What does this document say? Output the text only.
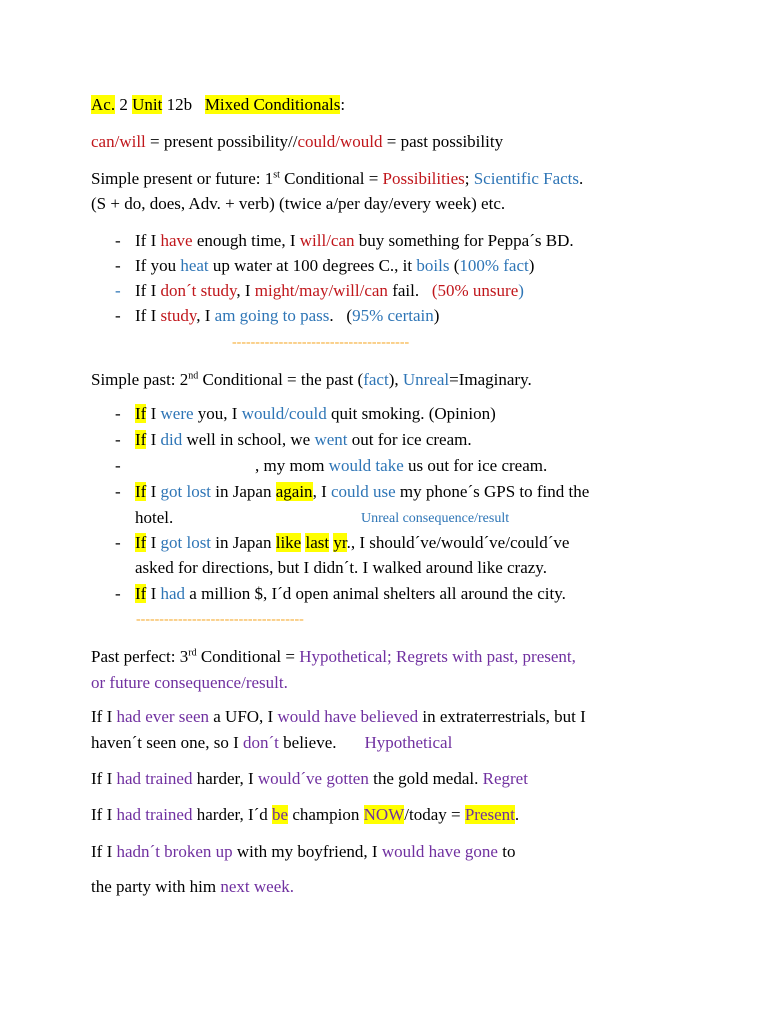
Ac. 2 Unit 12b   Mixed Conditionals:
can/will = present possibility//could/would = past possibility
Simple present or future: 1st Conditional = Possibilities; Scientific Facts.
(S + do, does, Adv. + verb) (twice a/per day/every week) etc.
- If I have enough time, I will/can buy something for Peppa´s BD.
- If you heat up water at 100 degrees C., it boils (100% fact)
- If I don´t study, I might/may/will/can fail.   (50% unsure)
- If I study, I am going to pass.   (95% certain)
--------------------------------------
Simple past: 2nd Conditional = the past (fact), Unreal=Imaginary.
- If I were you, I would/could quit smoking. (Opinion)
- If I did well in school, we went out for ice cream.
-	, my mom would take us out for ice cream.
- If I got lost in Japan again, I could use my phone´s GPS to find the
hotel.	Unreal consequence/result
- If I got lost in Japan like last yr., I should´ve/would´ve/could´ve
asked for directions, but I didn´t. I walked around like crazy.
- If I had a million $, I´d open animal shelters all around the city.
------------------------------------
Past perfect: 3rd Conditional = Hypothetical; Regrets with past, present,
or future consequence/result.
If I had ever seen a UFO, I would have believed in extraterrestrials, but I
haven´t seen one, so I don´t believe. Hypothetical
If I had trained harder, I would´ve gotten the gold medal. Regret
If I had trained harder, I´d be champion NOW/today = Present.
If I hadn´t broken up with my boyfriend, I would have gone to
the party with him next week.
